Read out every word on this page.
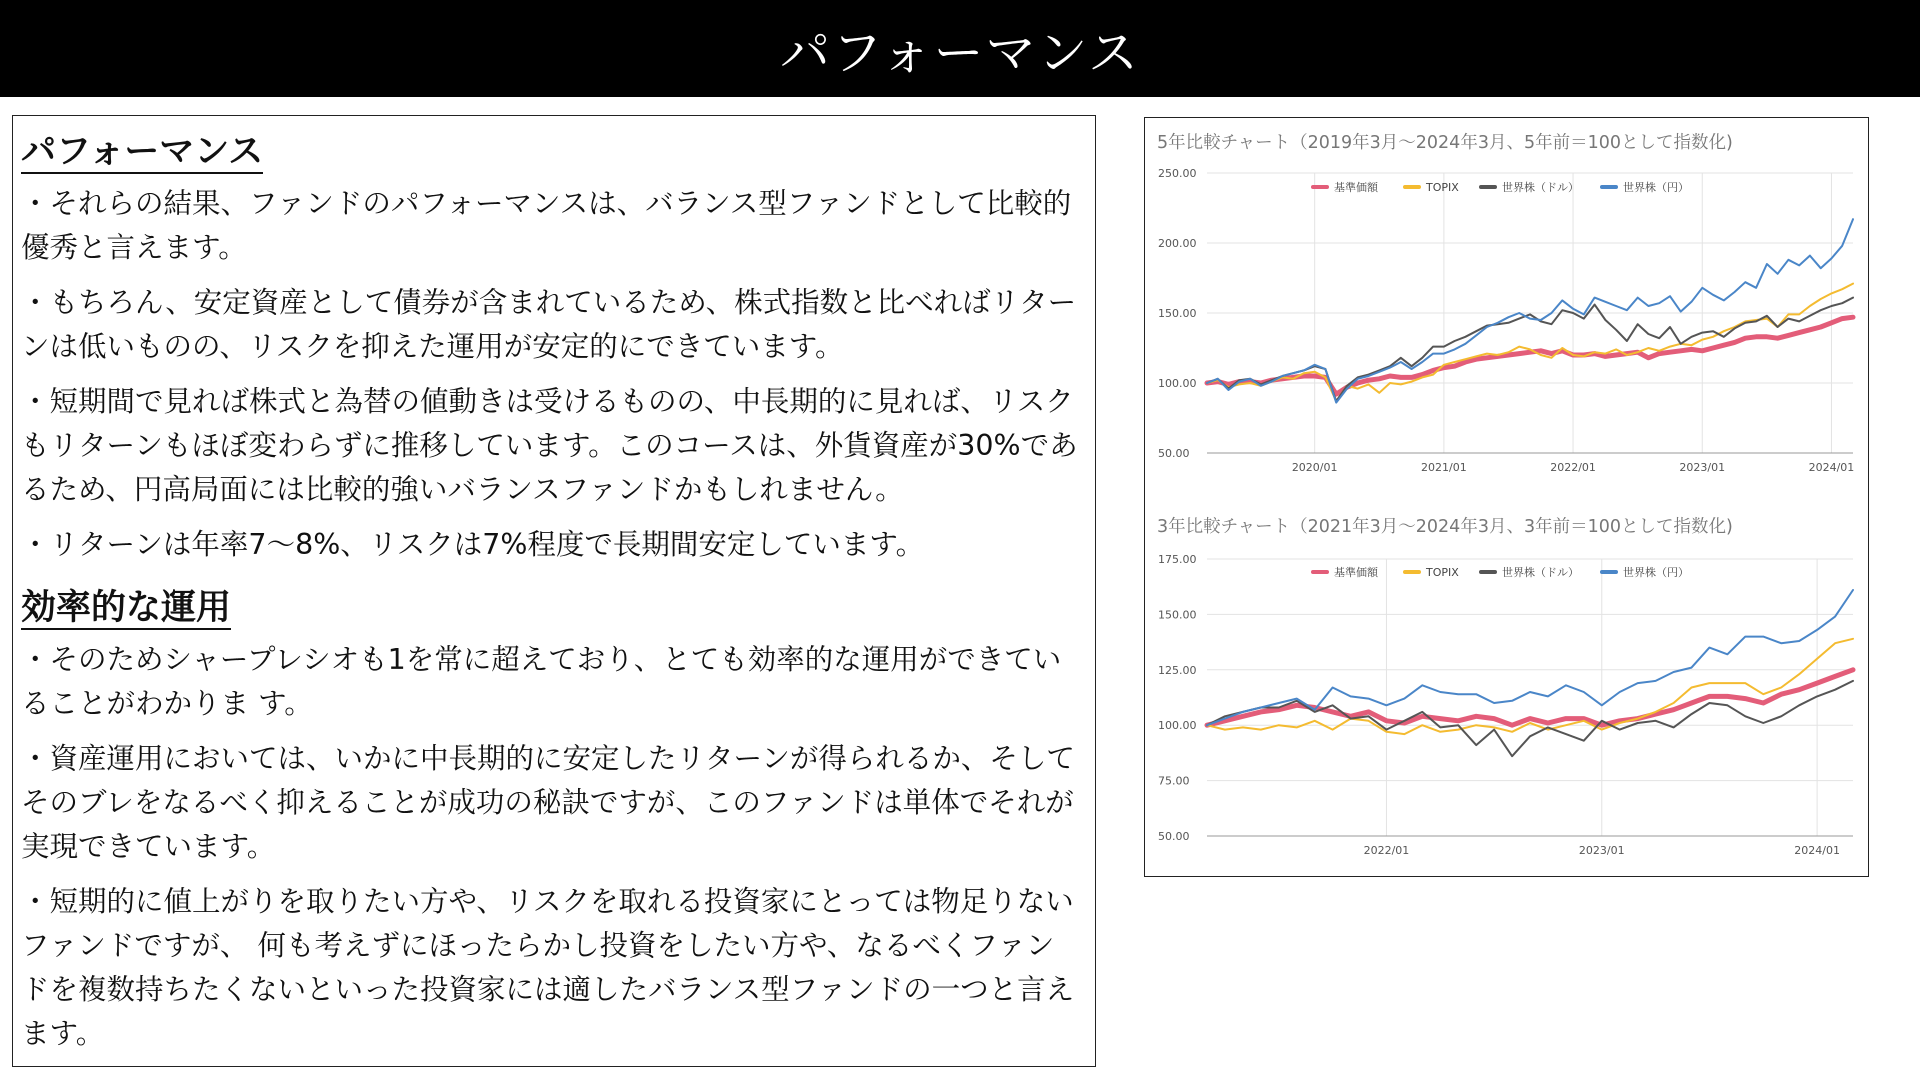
パフォーマンス
パフォーマンス

・それらの結果、ファンドのパフォーマンスは、バランス型ファンドとして比較的優秀と言えます。

・もちろん、安定資産として債券が含まれているため、株式指数と比べればリターンは低いものの、リスクを抑えた運用が安定的にできています。

・短期間で見れば株式と為替の値動きは受けるものの、中長期的に見れば、リスクもリターンもほぼ変わらずに推移しています。このコースは、外貨資産が30%であるため、円高局面には比較的強いバランスファンドかもしれません。

・リターンは年率7〜8%、リスクは7%程度で長期間安定しています。

効率的な運用

・そのためシャープレシオも1を常に超えており、とても効率的な運用ができていることがわかりま す。

・資産運用においては、いかに中長期的に安定したリターンが得られるか、そしてそのブレをなるべく抑えることが成功の秘訣ですが、このファンドは単体でそれが実現できています。

・短期的に値上がりを取りたい方や、リスクを取れる投資家にとっては物足りないファンドですが、 何も考えずにほったらかし投資をしたい方や、なるべくファンドを複数持ちたくないといった投資家には適したバランス型ファンドの一つと言えます。

5年比較チャート（2019年3月〜2024年3月、5年前＝100として指数化)
250.00
200.00
150.00
100.00
50.00
2020/01	2021/01	2022/01	2023/01	2024/01
基準価額	TOPIX	世界株（ドル）	世界株（円）
3年比較チャート（2021年3月〜2024年3月、3年前＝100として指数化)
175.00
150.00
125.00
100.00
75.00
50.00
2022/01	2023/01	2024/01
基準価額	TOPIX	世界株（ドル）	世界株（円）
